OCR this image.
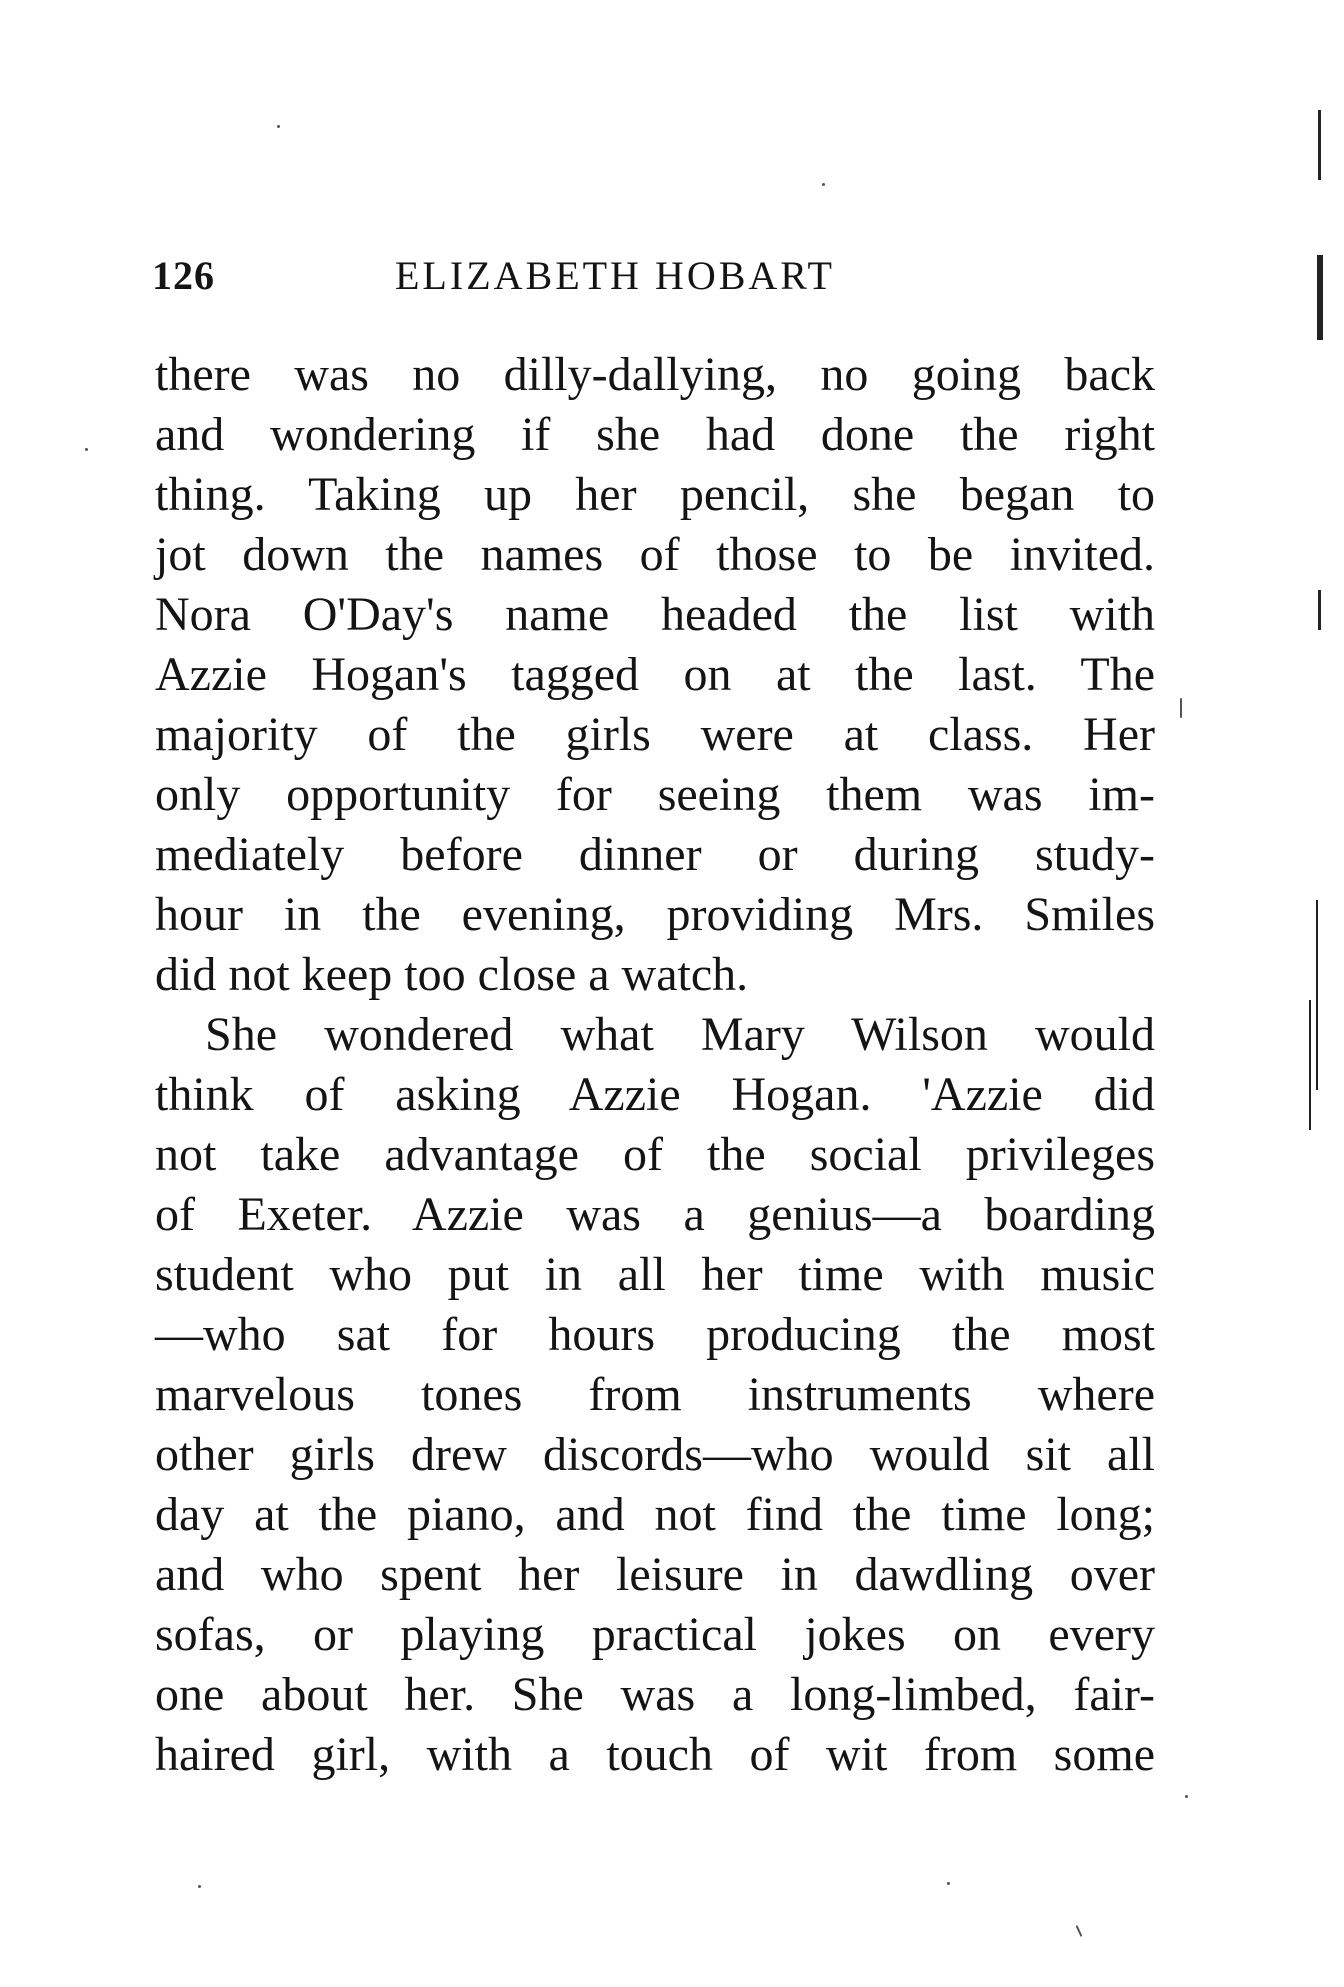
126	ELIZABETH HOBART
there was no dilly-dallying, no going back
and wondering if she had done the right
thing. Taking up her pencil, she began to
jot down the names of those to be invited.
Nora O'Day's name headed the list with
Azzie Hogan's tagged on at the last. The
majority of the girls were at class. Her
only opportunity for seeing them was im-
mediately before dinner or during study-
hour in the evening, providing Mrs. Smiles
did not keep too close a watch.
She wondered what Mary Wilson would
think of asking Azzie Hogan. 'Azzie did
not take advantage of the social privileges
of Exeter. Azzie was a genius—a boarding
student who put in all her time with music
—who sat for hours producing the most
marvelous tones from instruments where
other girls drew discords—who would sit all
day at the piano, and not find the time long;
and who spent her leisure in dawdling over
sofas, or playing practical jokes on every
one about her. She was a long-limbed, fair-
haired girl, with a touch of wit from some
